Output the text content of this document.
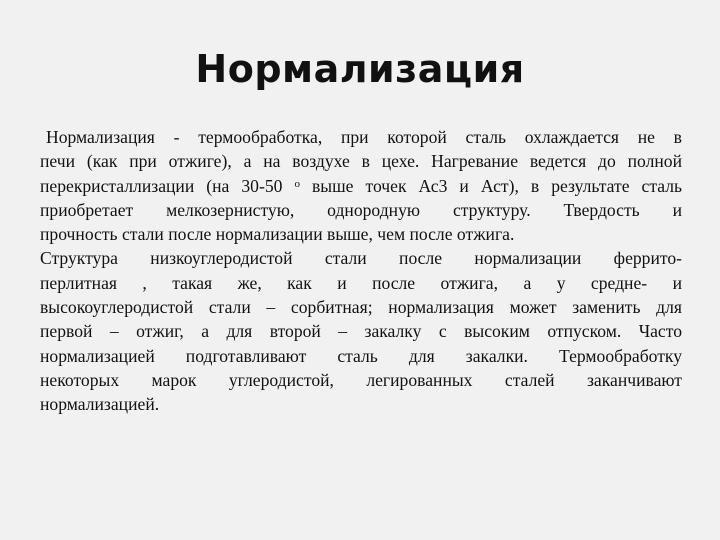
Нормализация
Нормализация - термообработка, при которой сталь охлаждается не в
печи (как при отжиге), а на воздухе в цехе. Нагревание ведется до полной
перекристаллизации (на 30-50 $^о$ выше точек Ас3 и Аст), в результате сталь
приобретает мелкозернистую, однородную структуру. Твердость и
прочность стали после нормализации выше, чем после отжига.
Структура низкоуглеродистой стали после нормализации феррито-
перлитная , такая же, как и после отжига, а у средне- и
высокоуглеродистой стали – сорбитная; нормализация может заменить для
первой – отжиг, а для второй – закалку с высоким отпуском. Часто
нормализацией подготавливают сталь для закалки. Термообработку
некоторых марок углеродистой, легированных сталей заканчивают
нормализацией.
